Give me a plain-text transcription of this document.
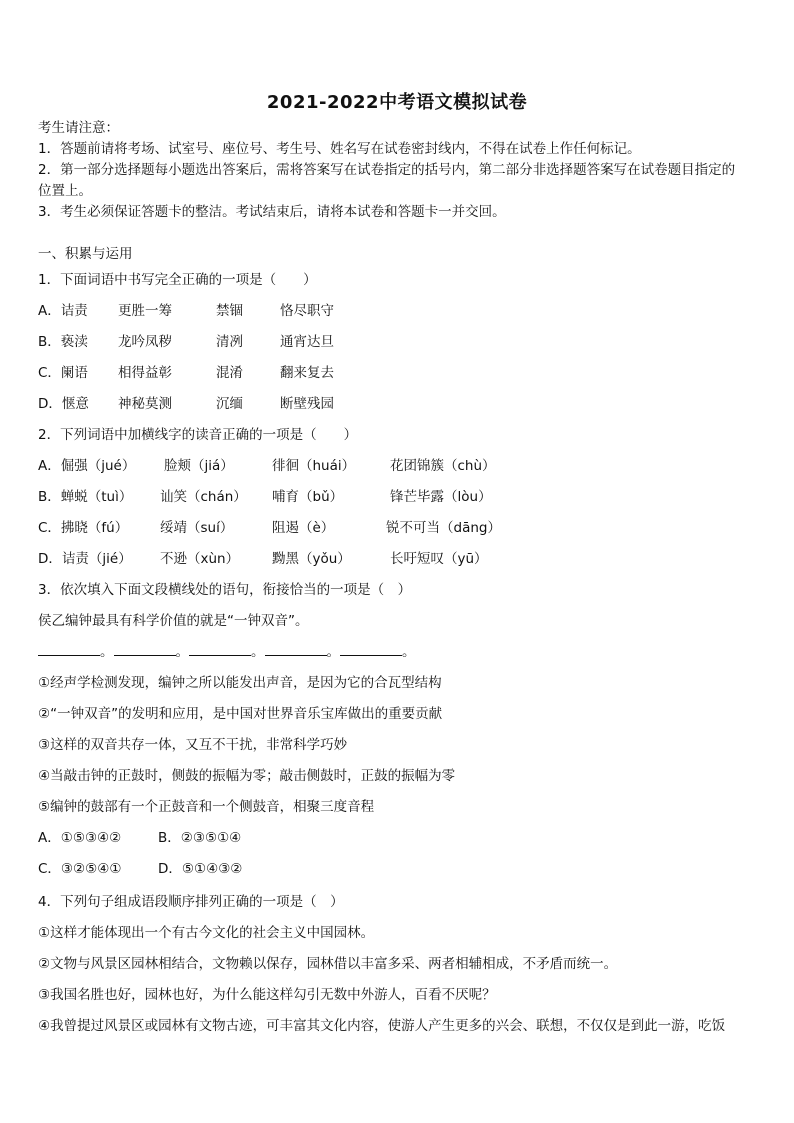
2021-2022中考语文模拟试卷
考生请注意：
1．答题前请将考场、试室号、座位号、考生号、姓名写在试卷密封线内，不得在试卷上作任何标记。
2．第一部分选择题每小题选出答案后，需将答案写在试卷指定的括号内，第二部分非选择题答案写在试卷题目指定的
位置上。
3．考生必须保证答题卡的整洁。考试结束后，请将本试卷和答题卡一并交回。
一、积累与运用
1．下面词语中书写完全正确的一项是（　　）
A．诘责 更胜一筹	禁锢	恪尽职守
B．亵渎 龙吟凤秽	清冽	通宵达旦
C．阑语 相得益彰	混淆	翻来复去
D．惬意 神秘莫测	沉缅	断壁残园
2．下列词语中加横线字的读音正确的一项是（　　）
A．倔强（jué） 脸颊（jiá）	徘徊（huái）	花团锦簇（chù）
B．蝉蜕（tuì） 讪笑（chán） 哺育（bǔ）	锋芒毕露（lòu）
C．拂晓（fú） 绥靖（suí）	阻遏（è）	锐不可当（dāng）
D．诘责（jié） 不逊（xùn） 黝黑（yǒu）	长吁短叹（yū）
3．依次填入下面文段横线处的语句，衔接恰当的一项是（　）
侯乙编钟最具有科学价值的就是“一钟双音”。
。	。	。	。	。
①经声学检测发现，编钟之所以能发出声音，是因为它的合瓦型结构
②“一钟双音”的发明和应用，是中国对世界音乐宝库做出的重要贡献
③这样的双音共存一体，又互不干扰，非常科学巧妙
④当敲击钟的正鼓时，侧鼓的振幅为零；敲击侧鼓时，正鼓的振幅为零
⑤编钟的鼓部有一个正鼓音和一个侧鼓音，相聚三度音程
A．①⑤③④②	B．②③⑤①④
C．③②⑤④①	D．⑤①④③②
4．下列句子组成语段顺序排列正确的一项是（　）
①这样才能体现出一个有古今文化的社会主义中国园林。
②文物与风景区园林相结合，文物赖以保存，园林借以丰富多采、两者相辅相成，不矛盾而统一。
③我国名胜也好，园林也好，为什么能这样勾引无数中外游人，百看不厌呢？
④我曾提过风景区或园林有文物古迹，可丰富其文化内容，使游人产生更多的兴会、联想，不仅仅是到此一游，吃饭
